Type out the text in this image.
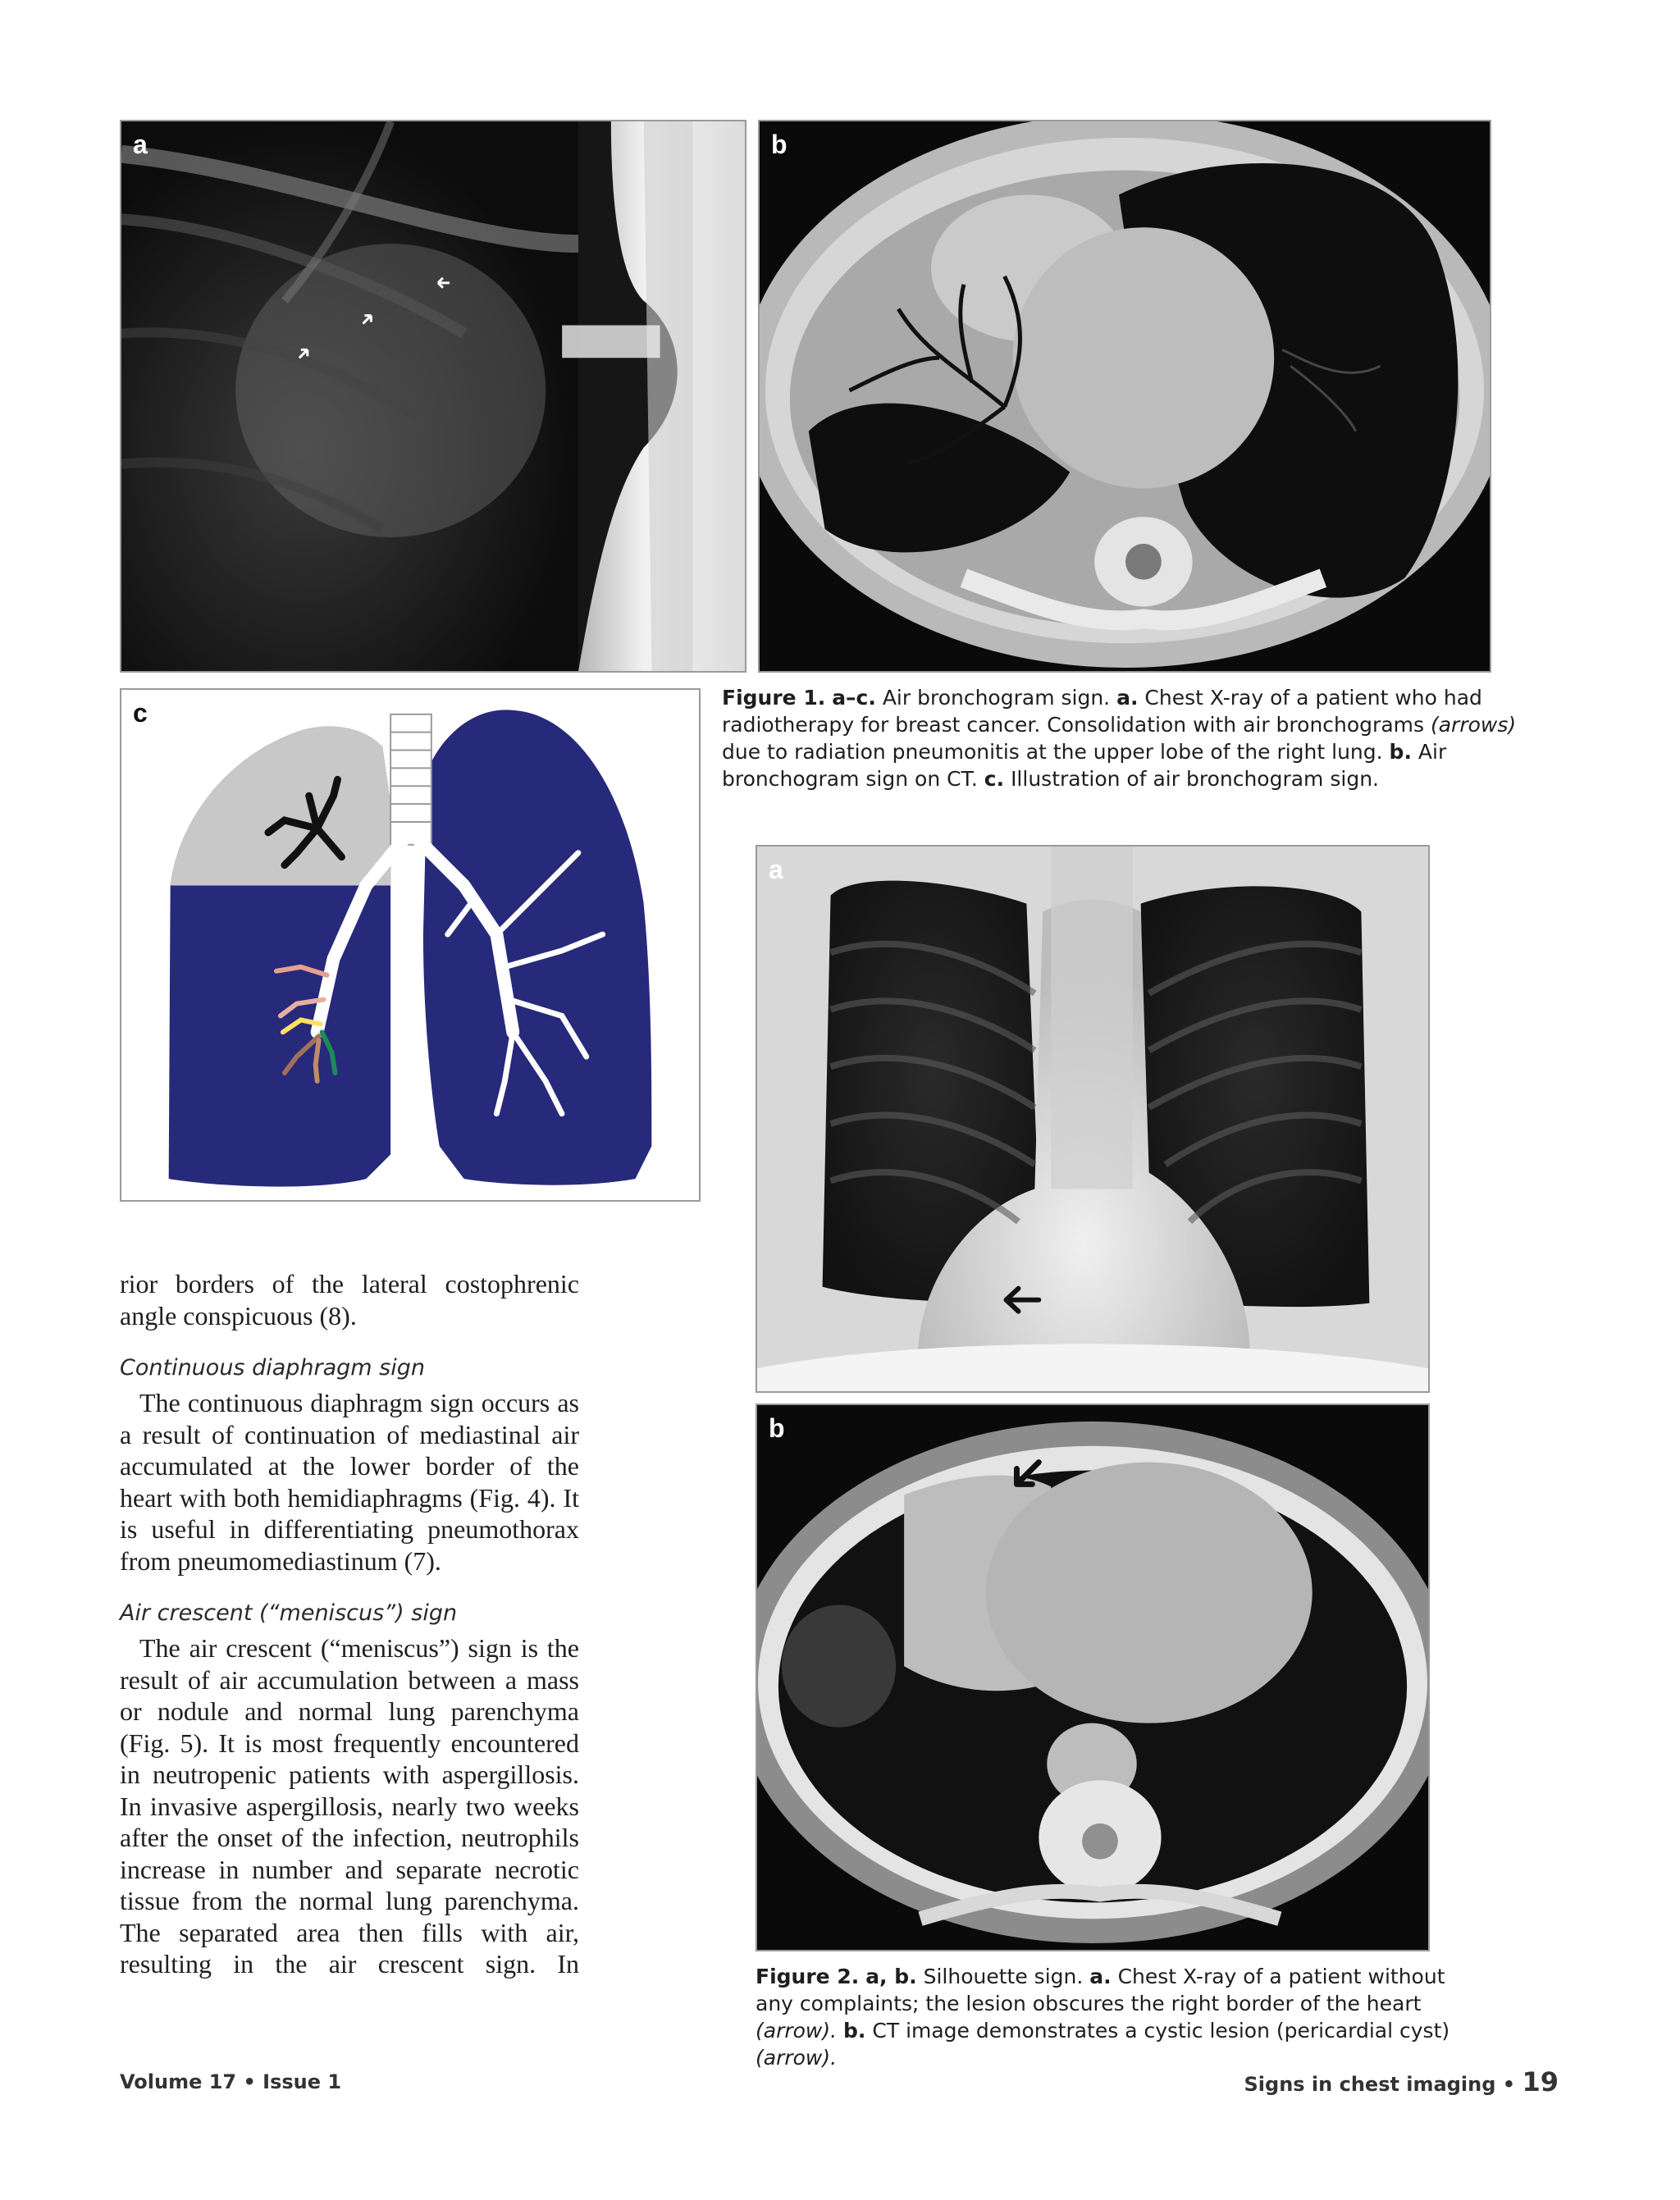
a	b
c
Figure 1. a–c. Air bronchogram sign. a. Chest X-ray of a patient who had radiotherapy for breast cancer. Consolidation with air bronchograms (arrows) due to radiation pneumonitis at the upper lobe of the right lung. b. Air bronchogram sign on CT. c. Illustration of air bronchogram sign.
a
b
Figure 2. a, b. Silhouette sign. a. Chest X-ray of a patient without any complaints; the lesion obscures the right border of the heart (arrow). b. CT image demonstrates a cystic lesion (pericardial cyst) (arrow).

rior borders of the lateral costophrenic angle conspicuous (8).

Continuous diaphragm sign

The continuous diaphragm sign occurs as a result of continuation of mediastinal air accumulated at the lower border of the heart with both hemidiaphragms (Fig. 4). It is useful in differentiating pneumothorax from pneumomediastinum (7).

Air crescent (“meniscus”) sign

The air crescent (“meniscus”) sign is the result of air accumulation between a mass or nodule and normal lung parenchyma (Fig. 5). It is most frequently encountered in neutropenic patients with aspergillosis. In invasive aspergillosis, nearly two weeks after the onset of the infection, neutrophils increase in number and separate necrotic tissue from the normal lung parenchyma. The separated area then fills with air, resulting in the air crescent sign. In

Volume 17 • Issue 1	Signs in chest imaging • 19
